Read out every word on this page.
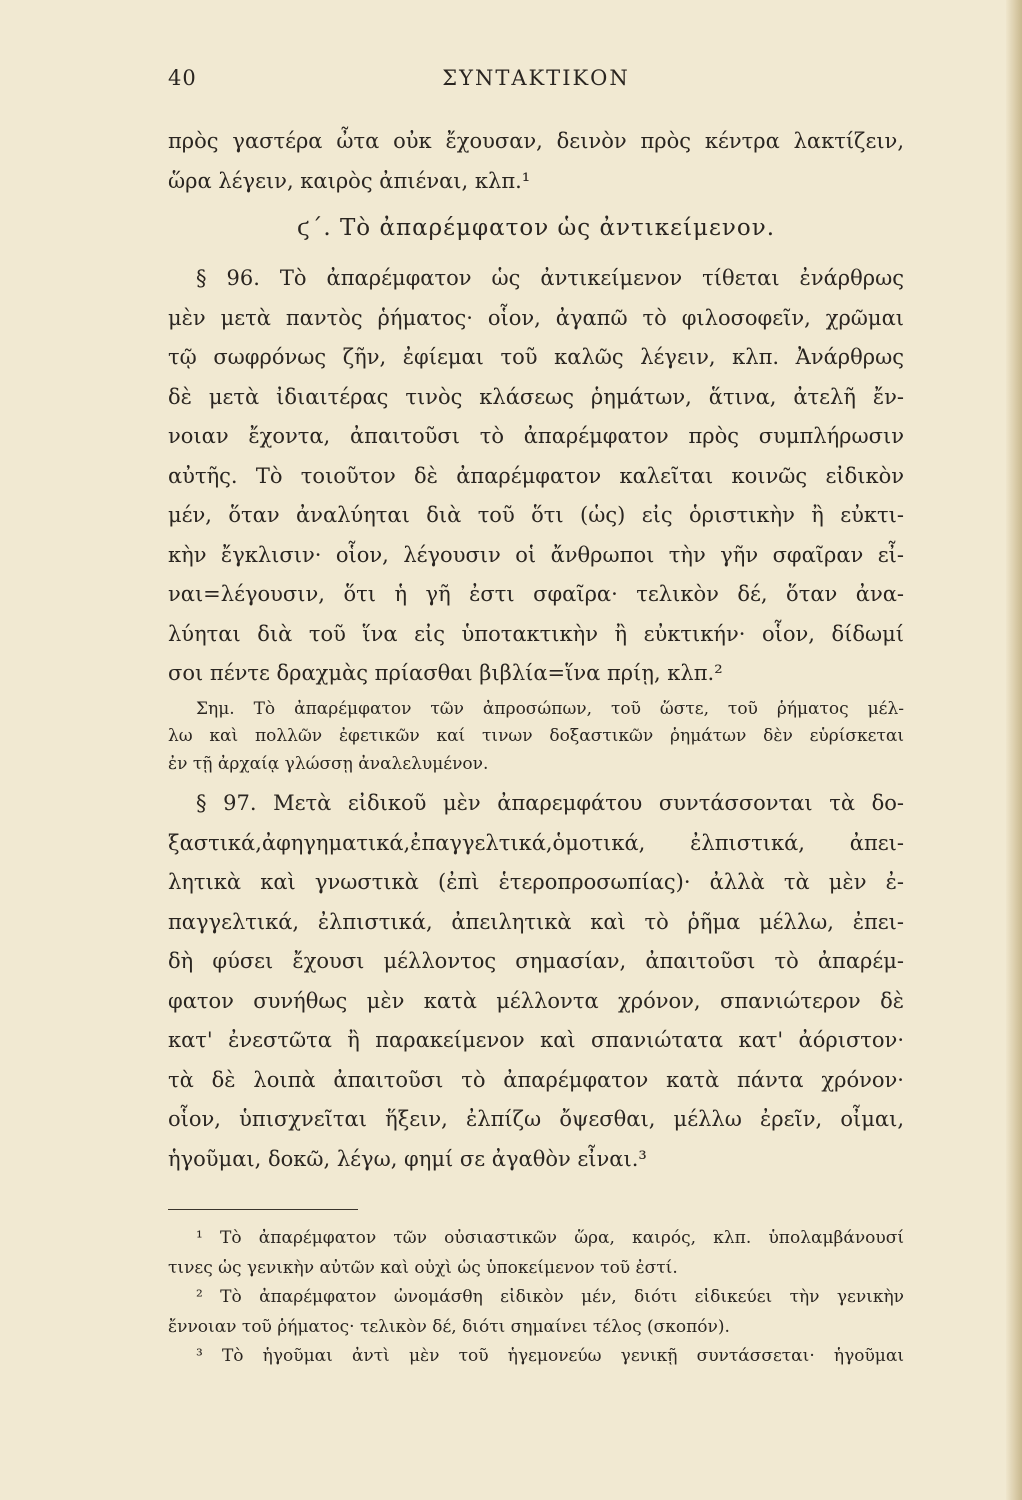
40	ΣΥΝΤΑΚΤΙΚΟΝ
πρὸς γαστέρα ὦτα οὐκ ἔχουσαν, δεινὸν πρὸς κέντρα λακτίζειν,
ὥρα λέγειν, καιρὸς ἀπιέναι, κλπ.¹
ϛ΄. Τὸ ἀπαρέμφατον ὡς ἀντικείμενον.
§ 96. Τὸ ἀπαρέμφατον ὡς ἀντικείμενον τίθεται ἐνάρθρως
μὲν μετὰ παντὸς ῥήματος· οἷον, ἀγαπῶ τὸ φιλοσοφεῖν, χρῶμαι
τῷ σωφρόνως ζῆν, ἐφίεμαι τοῦ καλῶς λέγειν, κλπ. Ἀνάρθρως
δὲ μετὰ ἰδιαιτέρας τινὸς κλάσεως ῥημάτων, ἅτινα, ἀτελῆ ἔν-
νοιαν ἔχοντα, ἀπαιτοῦσι τὸ ἀπαρέμφατον πρὸς συμπλήρωσιν
αὐτῆς. Τὸ τοιοῦτον δὲ ἀπαρέμφατον καλεῖται κοινῶς εἰδικὸν
μέν, ὅταν ἀναλύηται διὰ τοῦ ὅτι (ὡς) εἰς ὁριστικὴν ἢ εὐκτι-
κὴν ἔγκλισιν· οἷον, λέγουσιν οἱ ἄνθρωποι τὴν γῆν σφαῖραν εἶ-
ναι=λέγουσιν, ὅτι ἡ γῆ ἐστι σφαῖρα· τελικὸν δέ, ὅταν ἀνα-
λύηται διὰ τοῦ ἵνα εἰς ὑποτακτικὴν ἢ εὐκτικήν· οἷον, δίδωμί
σοι πέντε δραχμὰς πρίασθαι βιβλία=ἵνα πρίῃ, κλπ.²
Σημ. Τὸ ἀπαρέμφατον τῶν ἀπροσώπων, τοῦ ὥστε, τοῦ ῥήματος μέλ-
λω καὶ πολλῶν ἐφετικῶν καί τινων δοξαστικῶν ῥημάτων δὲν εὑρίσκεται
ἐν τῇ ἀρχαίᾳ γλώσσῃ ἀναλελυμένον.
§ 97. Μετὰ εἰδικοῦ μὲν ἀπαρεμφάτου συντάσσονται τὰ δο-
ξαστικά,ἀφηγηματικά,ἐπαγγελτικά,ὁμοτικά, ἐλπιστικά, ἀπει-
λητικὰ καὶ γνωστικὰ (ἐπὶ ἑτεροπροσωπίας)· ἀλλὰ τὰ μὲν ἐ-
παγγελτικά, ἐλπιστικά, ἀπειλητικὰ καὶ τὸ ῥῆμα μέλλω, ἐπει-
δὴ φύσει ἔχουσι μέλλοντος σημασίαν, ἀπαιτοῦσι τὸ ἀπαρέμ-
φατον συνήθως μὲν κατὰ μέλλοντα χρόνον, σπανιώτερον δὲ
κατ' ἐνεστῶτα ἢ παρακείμενον καὶ σπανιώτατα κατ' ἀόριστον·
τὰ δὲ λοιπὰ ἀπαιτοῦσι τὸ ἀπαρέμφατον κατὰ πάντα χρόνον·
οἷον, ὑπισχνεῖται ἥξειν, ἐλπίζω ὄψεσθαι, μέλλω ἐρεῖν, οἶμαι,
ἡγοῦμαι, δοκῶ, λέγω, φημί σε ἀγαθὸν εἶναι.³
¹ Τὸ ἀπαρέμφατον τῶν οὐσιαστικῶν ὥρα, καιρός, κλπ. ὑπολαμβάνουσί
τινες ὡς γενικὴν αὐτῶν καὶ οὐχὶ ὡς ὑποκείμενον τοῦ ἐστί.
² Τὸ ἀπαρέμφατον ὠνομάσθη εἰδικὸν μέν, διότι εἰδικεύει τὴν γενικὴν
ἔννοιαν τοῦ ῥήματος· τελικὸν δέ, διότι σημαίνει τέλος (σκοπόν).
³ Τὸ ἡγοῦμαι ἀντὶ μὲν τοῦ ἡγεμονεύω γενικῇ συντάσσεται· ἡγοῦμαι
